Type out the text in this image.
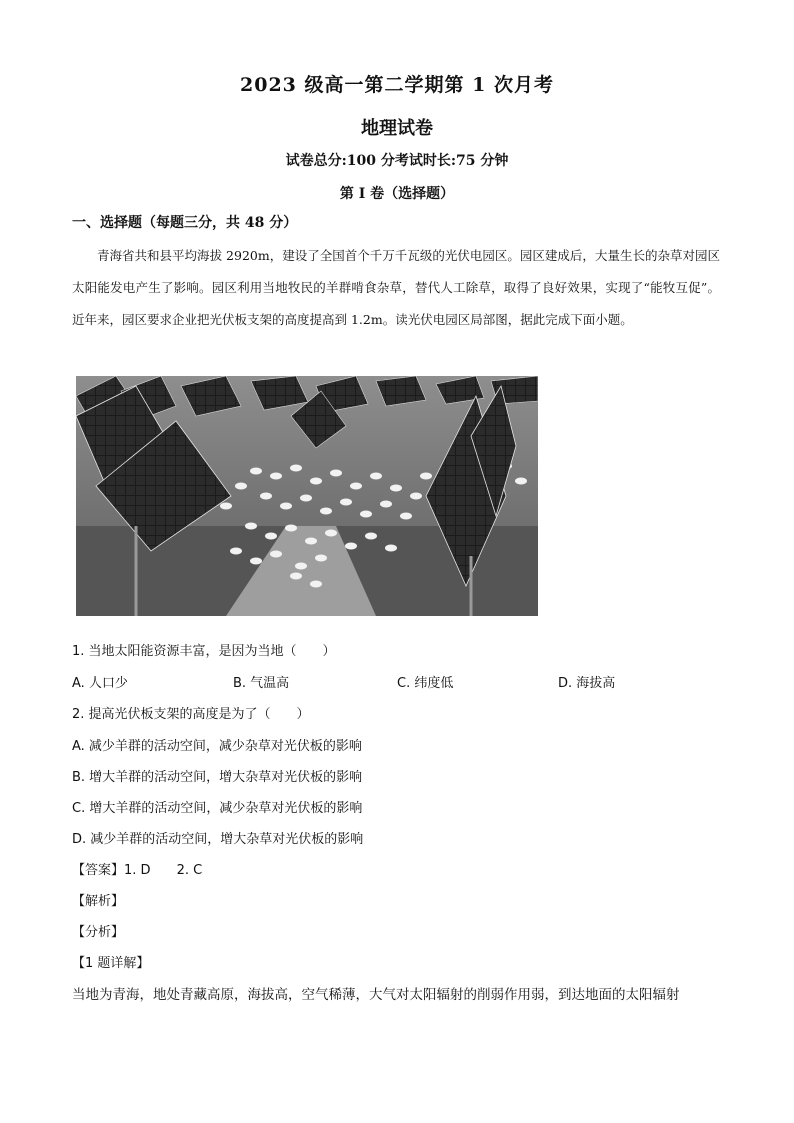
2023 级高一第二学期第 1 次月考
地理试卷
试卷总分:100 分考试时长:75 分钟
第 I 卷（选择题）
一、选择题（每题三分，共 48 分）
青海省共和县平均海拔 2920m，建设了全国首个千万千瓦级的光伏电园区。园区建成后，大量生长的杂草对园区太阳能发电产生了影响。园区利用当地牧民的羊群啃食杂草，替代人工除草，取得了良好效果，实现了“能牧互促”。近年来，园区要求企业把光伏板支架的高度提高到 1.2m。读光伏电园区局部图，据此完成下面小题。
1. 当地太阳能资源丰富，是因为当地（　　）
A. 人口少	B. 气温高	C. 纬度低	D. 海拔高
2. 提高光伏板支架的高度是为了（　　）
A. 减少羊群的活动空间，减少杂草对光伏板的影响
B. 增大羊群的活动空间，增大杂草对光伏板的影响
C. 增大羊群的活动空间，减少杂草对光伏板的影响
D. 减少羊群的活动空间，增大杂草对光伏板的影响
【答案】1. D 2. C
【解析】
【分析】
【1 题详解】
当地为青海，地处青藏高原，海拔高，空气稀薄，大气对太阳辐射的削弱作用弱，到达地面的太阳辐射
